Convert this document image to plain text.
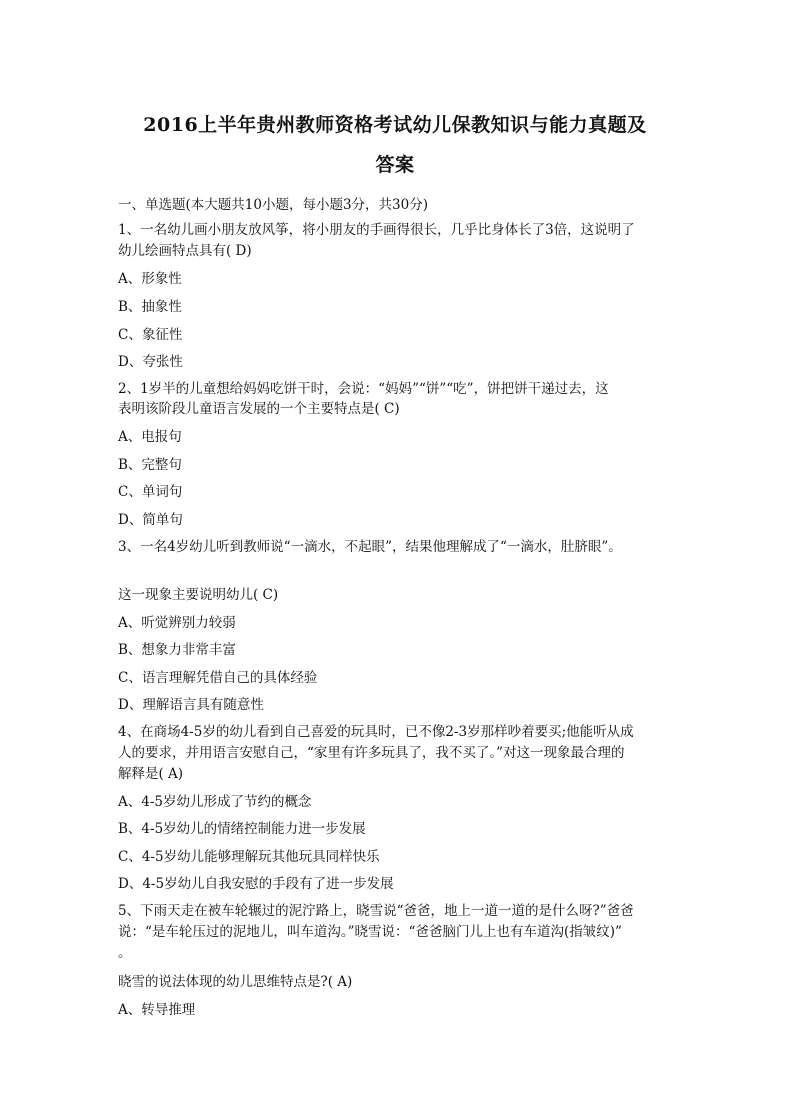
2016上半年贵州教师资格考试幼儿保教知识与能力真题及
答案
一、单选题(本大题共10小题，每小题3分，共30分)
1、一名幼儿画小朋友放风筝，将小朋友的手画得很长，几乎比身体长了3倍，这说明了
幼儿绘画特点具有( D)
A、形象性
B、抽象性
C、象征性
D、夸张性
2、1岁半的儿童想给妈妈吃饼干时，会说：“妈妈”“饼”“吃”，饼把饼干递过去，这
表明该阶段儿童语言发展的一个主要特点是( C)
A、电报句
B、完整句
C、单词句
D、简单句
3、一名4岁幼儿听到教师说“一滴水，不起眼”，结果他理解成了“一滴水，肚脐眼”。
这一现象主要说明幼儿( C)
A、听觉辨别力较弱
B、想象力非常丰富
C、语言理解凭借自己的具体经验
D、理解语言具有随意性
4、在商场4-5岁的幼儿看到自己喜爱的玩具时，已不像2-3岁那样吵着要买;他能听从成
人的要求，并用语言安慰自己，“家里有许多玩具了，我不买了。”对这一现象最合理的
解释是( A)
A、4-5岁幼儿形成了节约的概念
B、4-5岁幼儿的情绪控制能力进一步发展
C、4-5岁幼儿能够理解玩其他玩具同样快乐
D、4-5岁幼儿自我安慰的手段有了进一步发展
5、下雨天走在被车轮辗过的泥泞路上，晓雪说“爸爸，地上一道一道的是什么呀?”爸爸
说：“是车轮压过的泥地儿，叫车道沟。”晓雪说：“爸爸脑门儿上也有车道沟(指皱纹)”
。
晓雪的说法体现的幼儿思维特点是?( A)
A、转导推理
